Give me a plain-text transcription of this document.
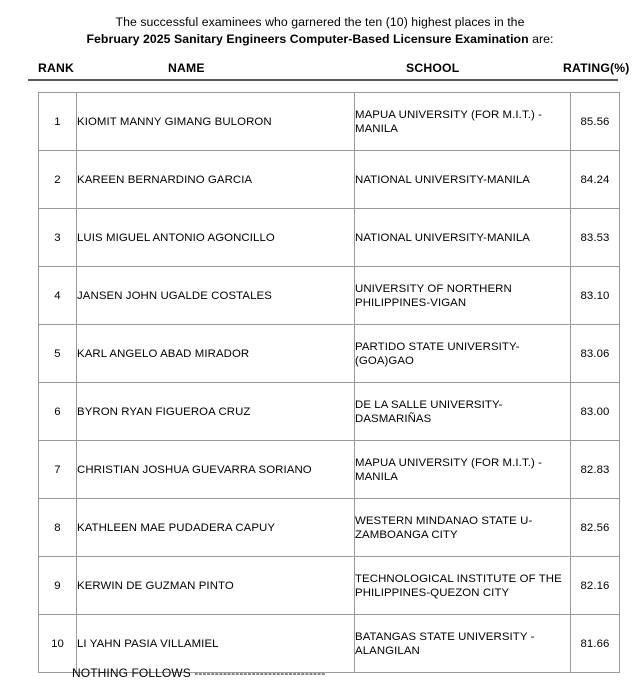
The successful examinees who garnered the ten (10) highest places in the
February 2025 Sanitary Engineers Computer-Based Licensure Examination are:
RANK	NAME	SCHOOL	RATING(%)
1	KIOMIT MANNY GIMANG BULORON	MAPUA UNIVERSITY (FOR M.I.T.) - MANILA	85.56
2	KAREEN BERNARDINO GARCIA	NATIONAL UNIVERSITY-MANILA	84.24
3	LUIS MIGUEL ANTONIO AGONCILLO	NATIONAL UNIVERSITY-MANILA	83.53
4	JANSEN JOHN UGALDE COSTALES	UNIVERSITY OF NORTHERN PHILIPPINES-VIGAN	83.10
5	KARL ANGELO ABAD MIRADOR	PARTIDO STATE UNIVERSITY-(GOA)GAO	83.06
6	BYRON RYAN FIGUEROA CRUZ	DE LA SALLE UNIVERSITY-DASMARIÑAS	83.00
7	CHRISTIAN JOSHUA GUEVARRA SORIANO	MAPUA UNIVERSITY (FOR M.I.T.) - MANILA	82.83
8	KATHLEEN MAE PUDADERA CAPUY	WESTERN MINDANAO STATE U-ZAMBOANGA CITY	82.56
9	KERWIN DE GUZMAN PINTO	TECHNOLOGICAL INSTITUTE OF THE PHILIPPINES-QUEZON CITY	82.16
10	LI YAHN PASIA VILLAMIEL	BATANGAS STATE UNIVERSITY - ALANGILAN	81.66
NOTHING FOLLOWS --------------------------------
